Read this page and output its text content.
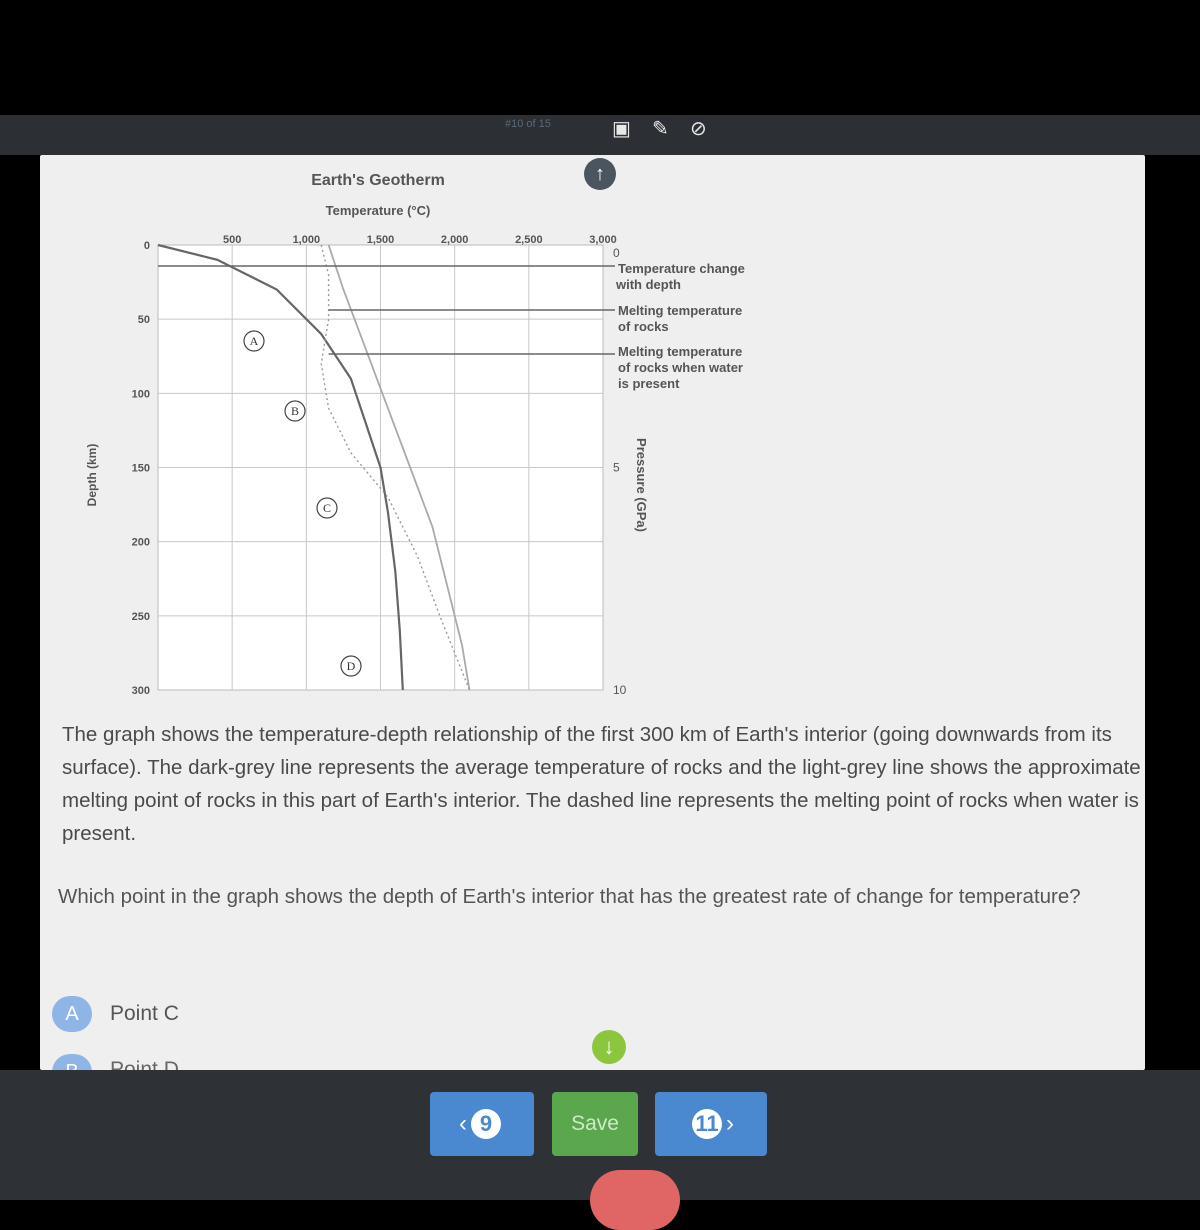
#10 of 15	▣ ✎ ⊘
Earth's Geotherm
Temperature (°C)
500	1,000	1,500	2,000	2,500	3,000
0
50
100
150
200
250
300
0
5
10
Depth (km)	Pressure (GPa)
Temperature change
with depth
Melting temperature
of rocks
Melting temperature
of rocks when water
is present
A
B
C
D
↑
The graph shows the temperature-depth relationship of the first 300 km of Earth's interior (going downwards from its surface). The dark-grey line represents the average temperature of rocks and the light-grey line shows the approximate melting point of rocks in this part of Earth's interior. The dashed line represents the melting point of rocks when water is present.
Which point in the graph shows the depth of Earth's interior that has the greatest rate of change for temperature?
A	Point C
↓
‹ 9	Save	11 ›
